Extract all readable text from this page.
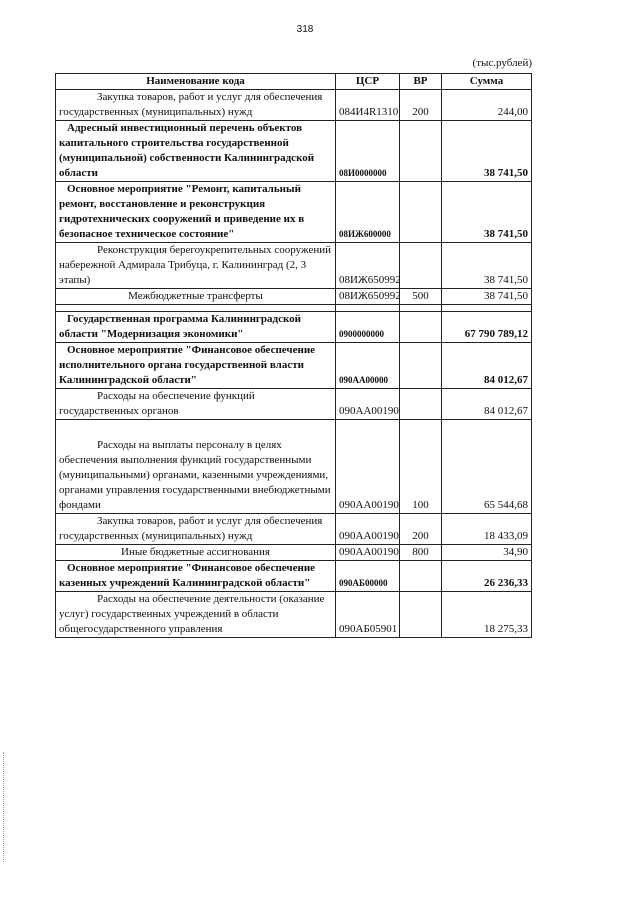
318
(тыс.рублей)
Наименование кода	ЦСР	ВР	Сумма
Закупка товаров, работ и услуг для обеспечения государственных (муниципальных) нужд	084И4R1310	200	244,00
Адресный инвестиционный перечень объектов капитального строительства государственной (муниципальной) собственности Калининградской области	08И0000000		38 741,50
Основное мероприятие "Ремонт, капитальный ремонт, восстановление и реконструкция гидротехнических сооружений и приведение их в безопасное техническое состояние"	08ИЖ600000		38 741,50
Реконструкция берегоукрепительных сооружений набережной Адмирала Трибуца, г. Калининград (2, 3 этапы)	08ИЖ650992		38 741,50
Межбюджетные трансферты	08ИЖ650992	500	38 741,50

Государственная программа Калининградской области "Модернизация экономики"	0900000000		67 790 789,12
Основное мероприятие "Финансовое обеспечение исполнительного органа государственной власти Калининградской области"	090АА00000		84 012,67
Расходы на обеспечение функций государственных органов	090АА00190		84 012,67
Расходы на выплаты персоналу в целях обеспечения выполнения функций государственными (муниципальными) органами, казенными учреждениями, органами управления государственными внебюджетными фондами	090АА00190	100	65 544,68
Закупка товаров, работ и услуг для обеспечения государственных (муниципальных) нужд	090АА00190	200	18 433,09
Иные бюджетные ассигнования	090АА00190	800	34,90
Основное мероприятие "Финансовое обеспечение казенных учреждений Калининградской области"	090АБ00000		26 236,33
Расходы на обеспечение деятельности (оказание услуг) государственных учреждений в области общегосударственного управления	090АБ05901		18 275,33
